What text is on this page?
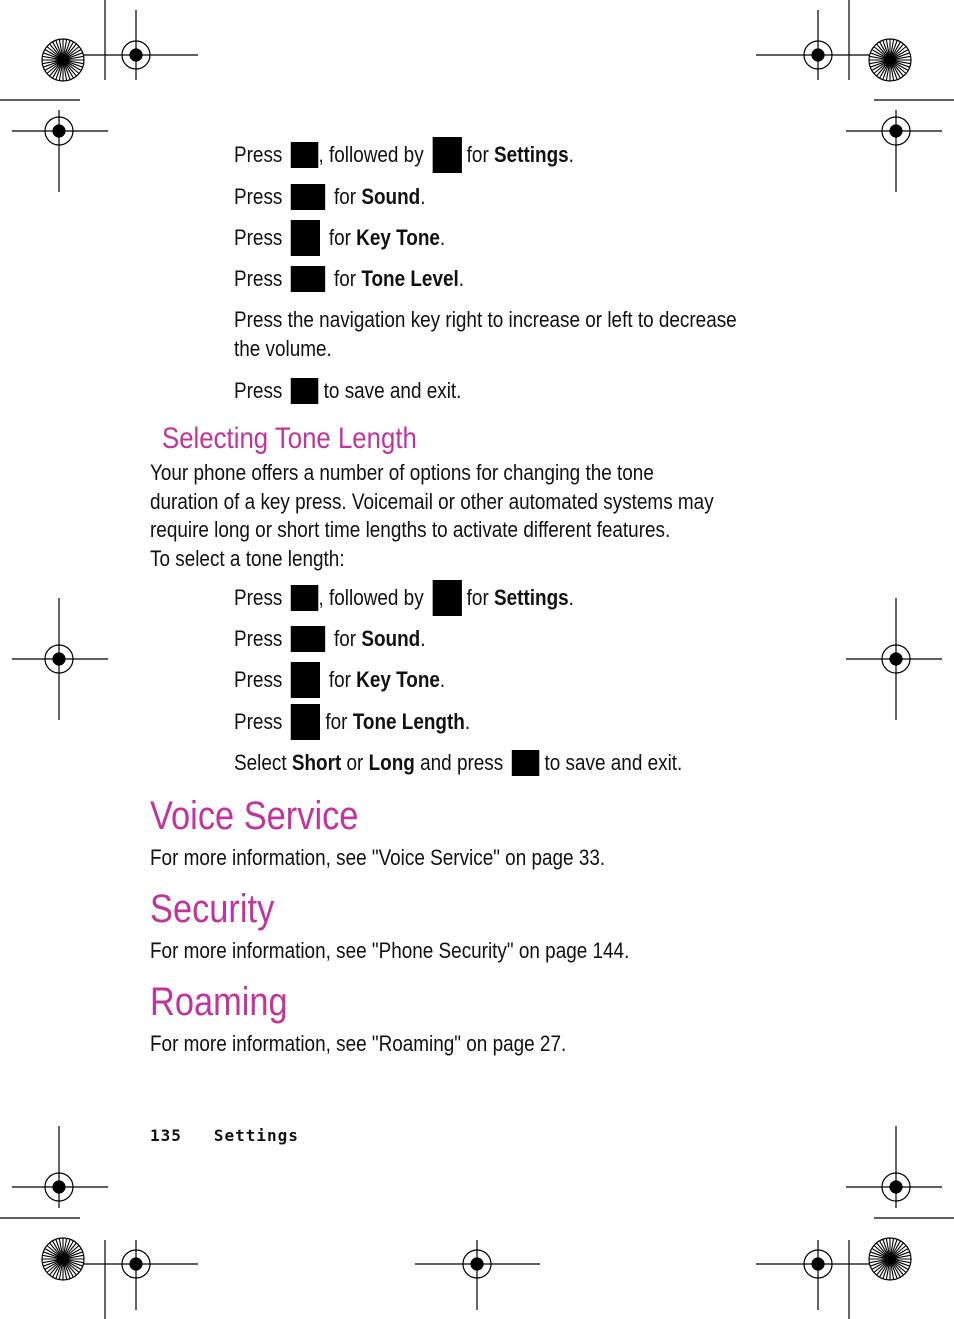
Press , followed by for
Settings .
Press for
Sound .
Press for
Key Tone .
Press for
Tone Level .
Press the navigation key right to increase or left to decrease
the volume.
Press to save and exit.
Selecting Tone Length
Your phone offers a number of options for changing the tone
duration of a key press. Voicemail or other automated systems may
require long or short time lengths to activate different features.
To select a tone length:
Press , followed by for
Settings .
Press for
Sound .
Press for
Key Tone .
Press for
Tone Length .
Select
Short
or
Long
and press to save and exit.
Voice Service
For more information, see "Voice Service" on page 33.
Security
For more information, see "Phone Security" on page 144.
Roaming
For more information, see "Roaming" on page 27.
135 Settings
